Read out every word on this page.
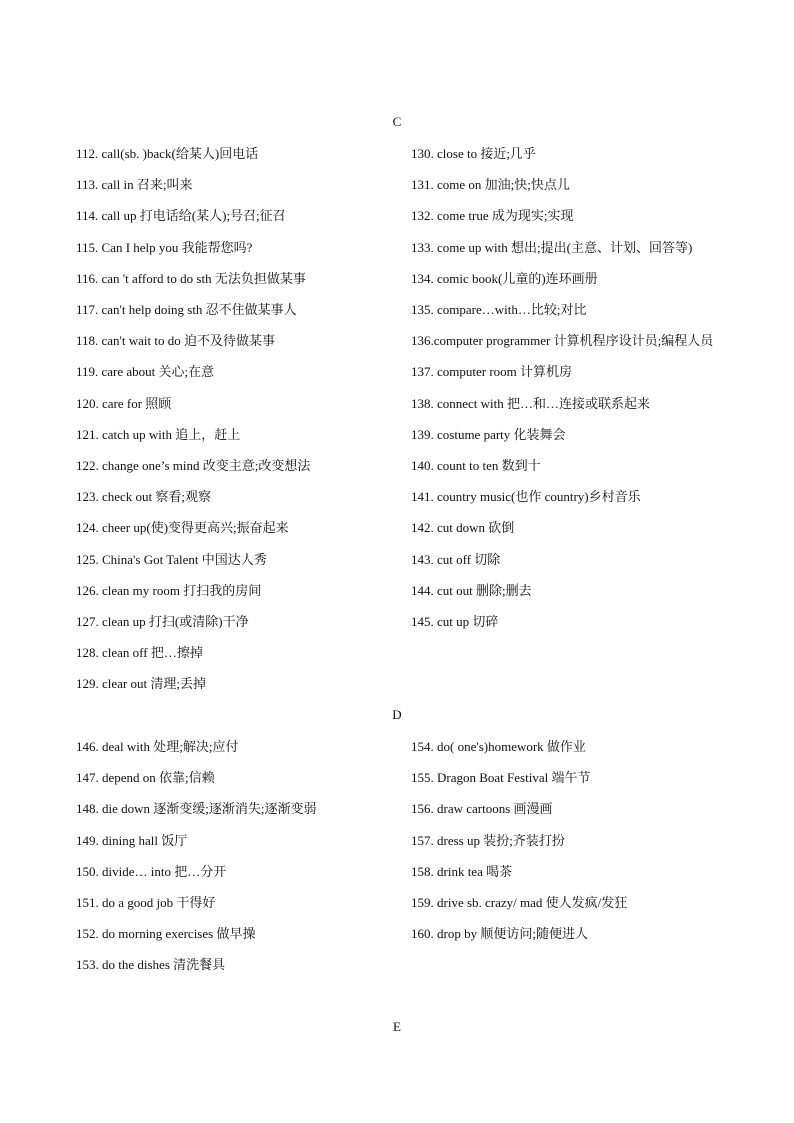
C
112. call(sb. )back(给某人)回电话
113. call in 召来;叫来
114. call up 打电话给(某人);号召;征召
115. Can I help you 我能帮您吗?
116. can 't afford to do sth 无法负担做某事
117. can't help doing sth 忍不住做某事人
118. can't wait to do 迫不及待做某事
119. care about 关心;在意
120. care for 照顾
121. catch up with 追上，赶上
122. change one’s mind 改变主意;改变想法
123. check out 察看;观察
124. cheer up(使)变得更高兴;振奋起来
125. China's Got Talent 中国达人秀
126. clean my room 打扫我的房间
127. clean up 打扫(或清除)干净
128. clean off 把…擦掉
129. clear out 清理;丢掉
130. close to 接近;几乎
131. come on 加油;快;快点儿
132. come true 成为现实;实现
133. come up with 想出;提出(主意、计划、回答等)
134. comic book(儿童的)连环画册
135. compare…with…比较;对比
136. computer programmer 计算机程序设计员;编程人员
137. computer room 计算机房
138. connect with 把…和…连接或联系起来
139. costume party 化装舞会
140. count to ten 数到十
141. country music(也作 country)乡村音乐
142. cut down 砍倒
143. cut off 切除
144. cut out 删除;删去
145. cut up 切碎
D
146. deal with 处理;解决;应付
147. depend on 依靠;信赖
148. die down 逐渐变缓;逐渐消失;逐渐变弱
149. dining hall 饭厅
150. divide… into 把…分开
151. do a good job 干得好
152. do morning exercises 做早操
153. do the dishes 清洗餐具
154. do( one's)homework 做作业
155. Dragon Boat Festival 端午节
156. draw cartoons 画漫画
157. dress up 装扮;齐装打扮
158. drink tea 喝茶
159. drive sb. crazy/ mad 使人发疯/发狂
160. drop by 顺便访问;随便进人
E
